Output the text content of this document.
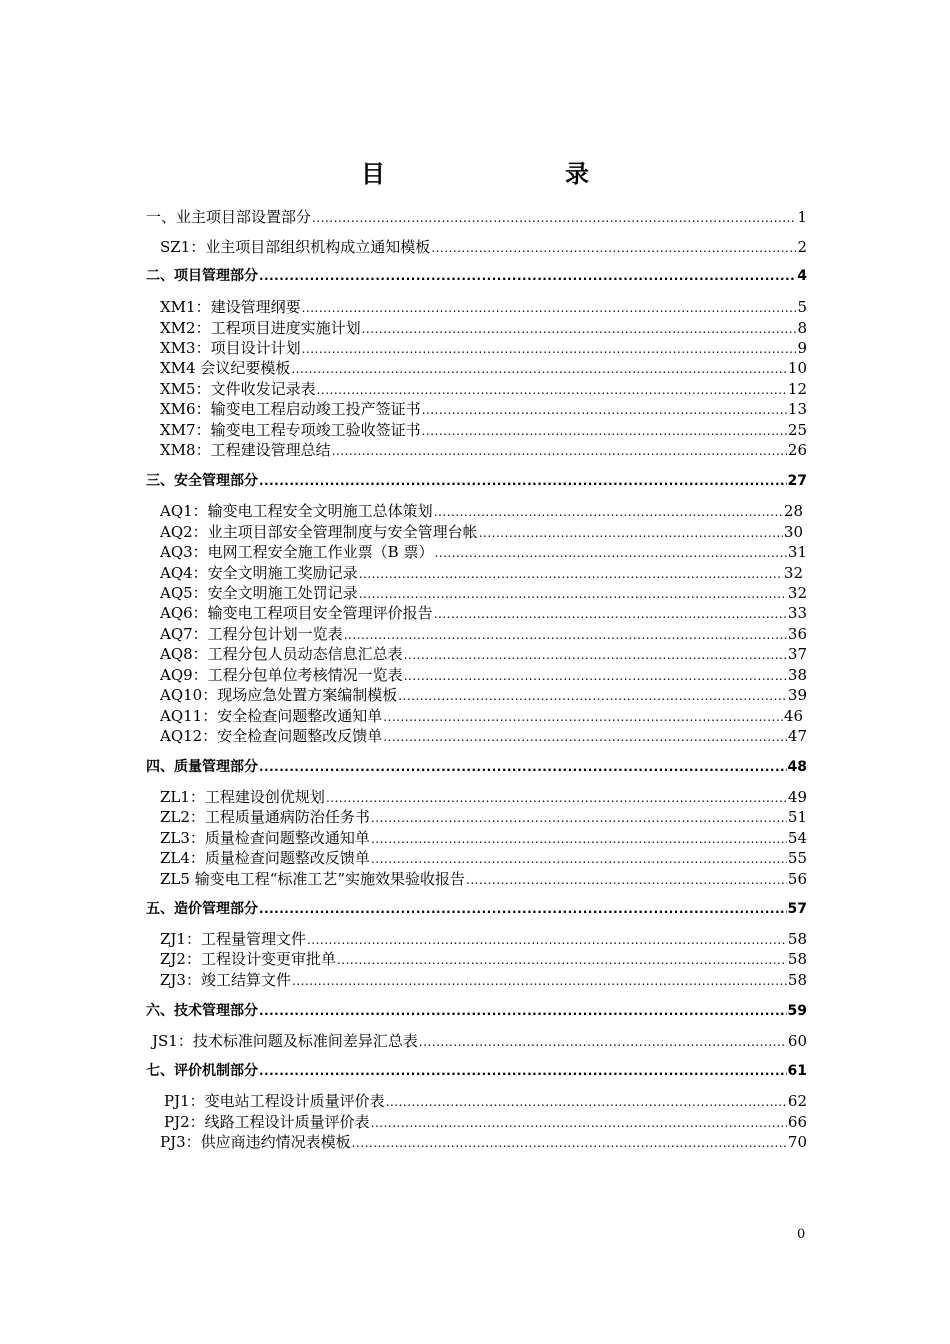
目　　录
一、业主项目部设置部分 .....	1
SZ1：业主项目部组织机构成立通知模板 .....	2
二、项目管理部分 .....	4
XM1：建设管理纲要 .....	5
XM2：工程项目进度实施计划 .....	8
XM3：项目设计计划 .....	9
XM4 会议纪要模板 .....	10
XM5：文件收发记录表 .....	12
XM6：输变电工程启动竣工投产签证书 .....	13
XM7：输变电工程专项竣工验收签证书 .....	25
XM8：工程建设管理总结 .....	26
三、安全管理部分 .....	27
AQ1：输变电工程安全文明施工总体策划 .....	28
AQ2：业主项目部安全管理制度与安全管理台帐 .....	30
AQ3：电网工程安全施工作业票（B 票） .....	31
AQ4：安全文明施工奖励记录 .....	32
AQ5：安全文明施工处罚记录 .....	32
AQ6：输变电工程项目安全管理评价报告 .....	33
AQ7：工程分包计划一览表 .....	36
AQ8：工程分包人员动态信息汇总表 .....	37
AQ9：工程分包单位考核情况一览表 .....	38
AQ10：现场应急处置方案编制模板 .....	39
AQ11：安全检查问题整改通知单 .....	46
AQ12：安全检查问题整改反馈单 .....	47
四、质量管理部分 .....	48
ZL1：工程建设创优规划 .....	49
ZL2：工程质量通病防治任务书 .....	51
ZL3：质量检查问题整改通知单 .....	54
ZL4：质量检查问题整改反馈单 .....	55
ZL5 输变电工程“标准工艺”实施效果验收报告 .....	56
五、造价管理部分 .....	57
ZJ1：工程量管理文件 .....	58
ZJ2：工程设计变更审批单 .....	58
ZJ3：竣工结算文件 .....	58
六、技术管理部分 .....	59
JS1：技术标准问题及标准间差异汇总表 .....	60
七、评价机制部分 .....	61
PJ1：变电站工程设计质量评价表 .....	62
PJ2：线路工程设计质量评价表 .....	66
PJ3：供应商违约情况表模板 .....	70
0
